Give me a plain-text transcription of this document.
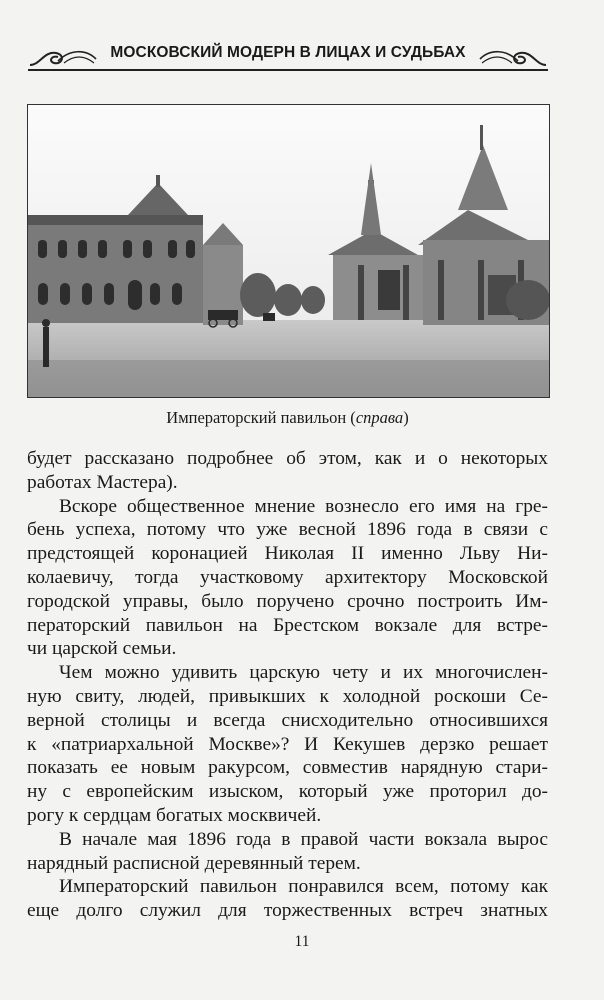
МОСКОВСКИЙ МОДЕРН В ЛИЦАХ И СУДЬБАХ
Императорский павильон (справа)
будет рассказано подробнее об этом, как и о некоторых
работах Мастера).
Вскоре общественное мнение вознесло его имя на гре-
бень успеха, потому что уже весной 1896 года в связи с
предстоящей коронацией Николая II именно Льву Ни-
колаевичу, тогда участковому архитектору Московской
городской управы, было поручено срочно построить Им-
ператорский павильон на Брестском вокзале для встре-
чи царской семьи.
Чем можно удивить царскую чету и их многочислен-
ную свиту, людей, привыкших к холодной роскоши Се-
верной столицы и всегда снисходительно относившихся
к «патриархальной Москве»? И Кекушев дерзко решает
показать ее новым ракурсом, совместив нарядную стари-
ну с европейским изыском, который уже проторил до-
рогу к сердцам богатых москвичей.
В начале мая 1896 года в правой части вокзала вырос
нарядный расписной деревянный терем.
Императорский павильон понравился всем, потому как
еще долго служил для торжественных встреч знатных
11
